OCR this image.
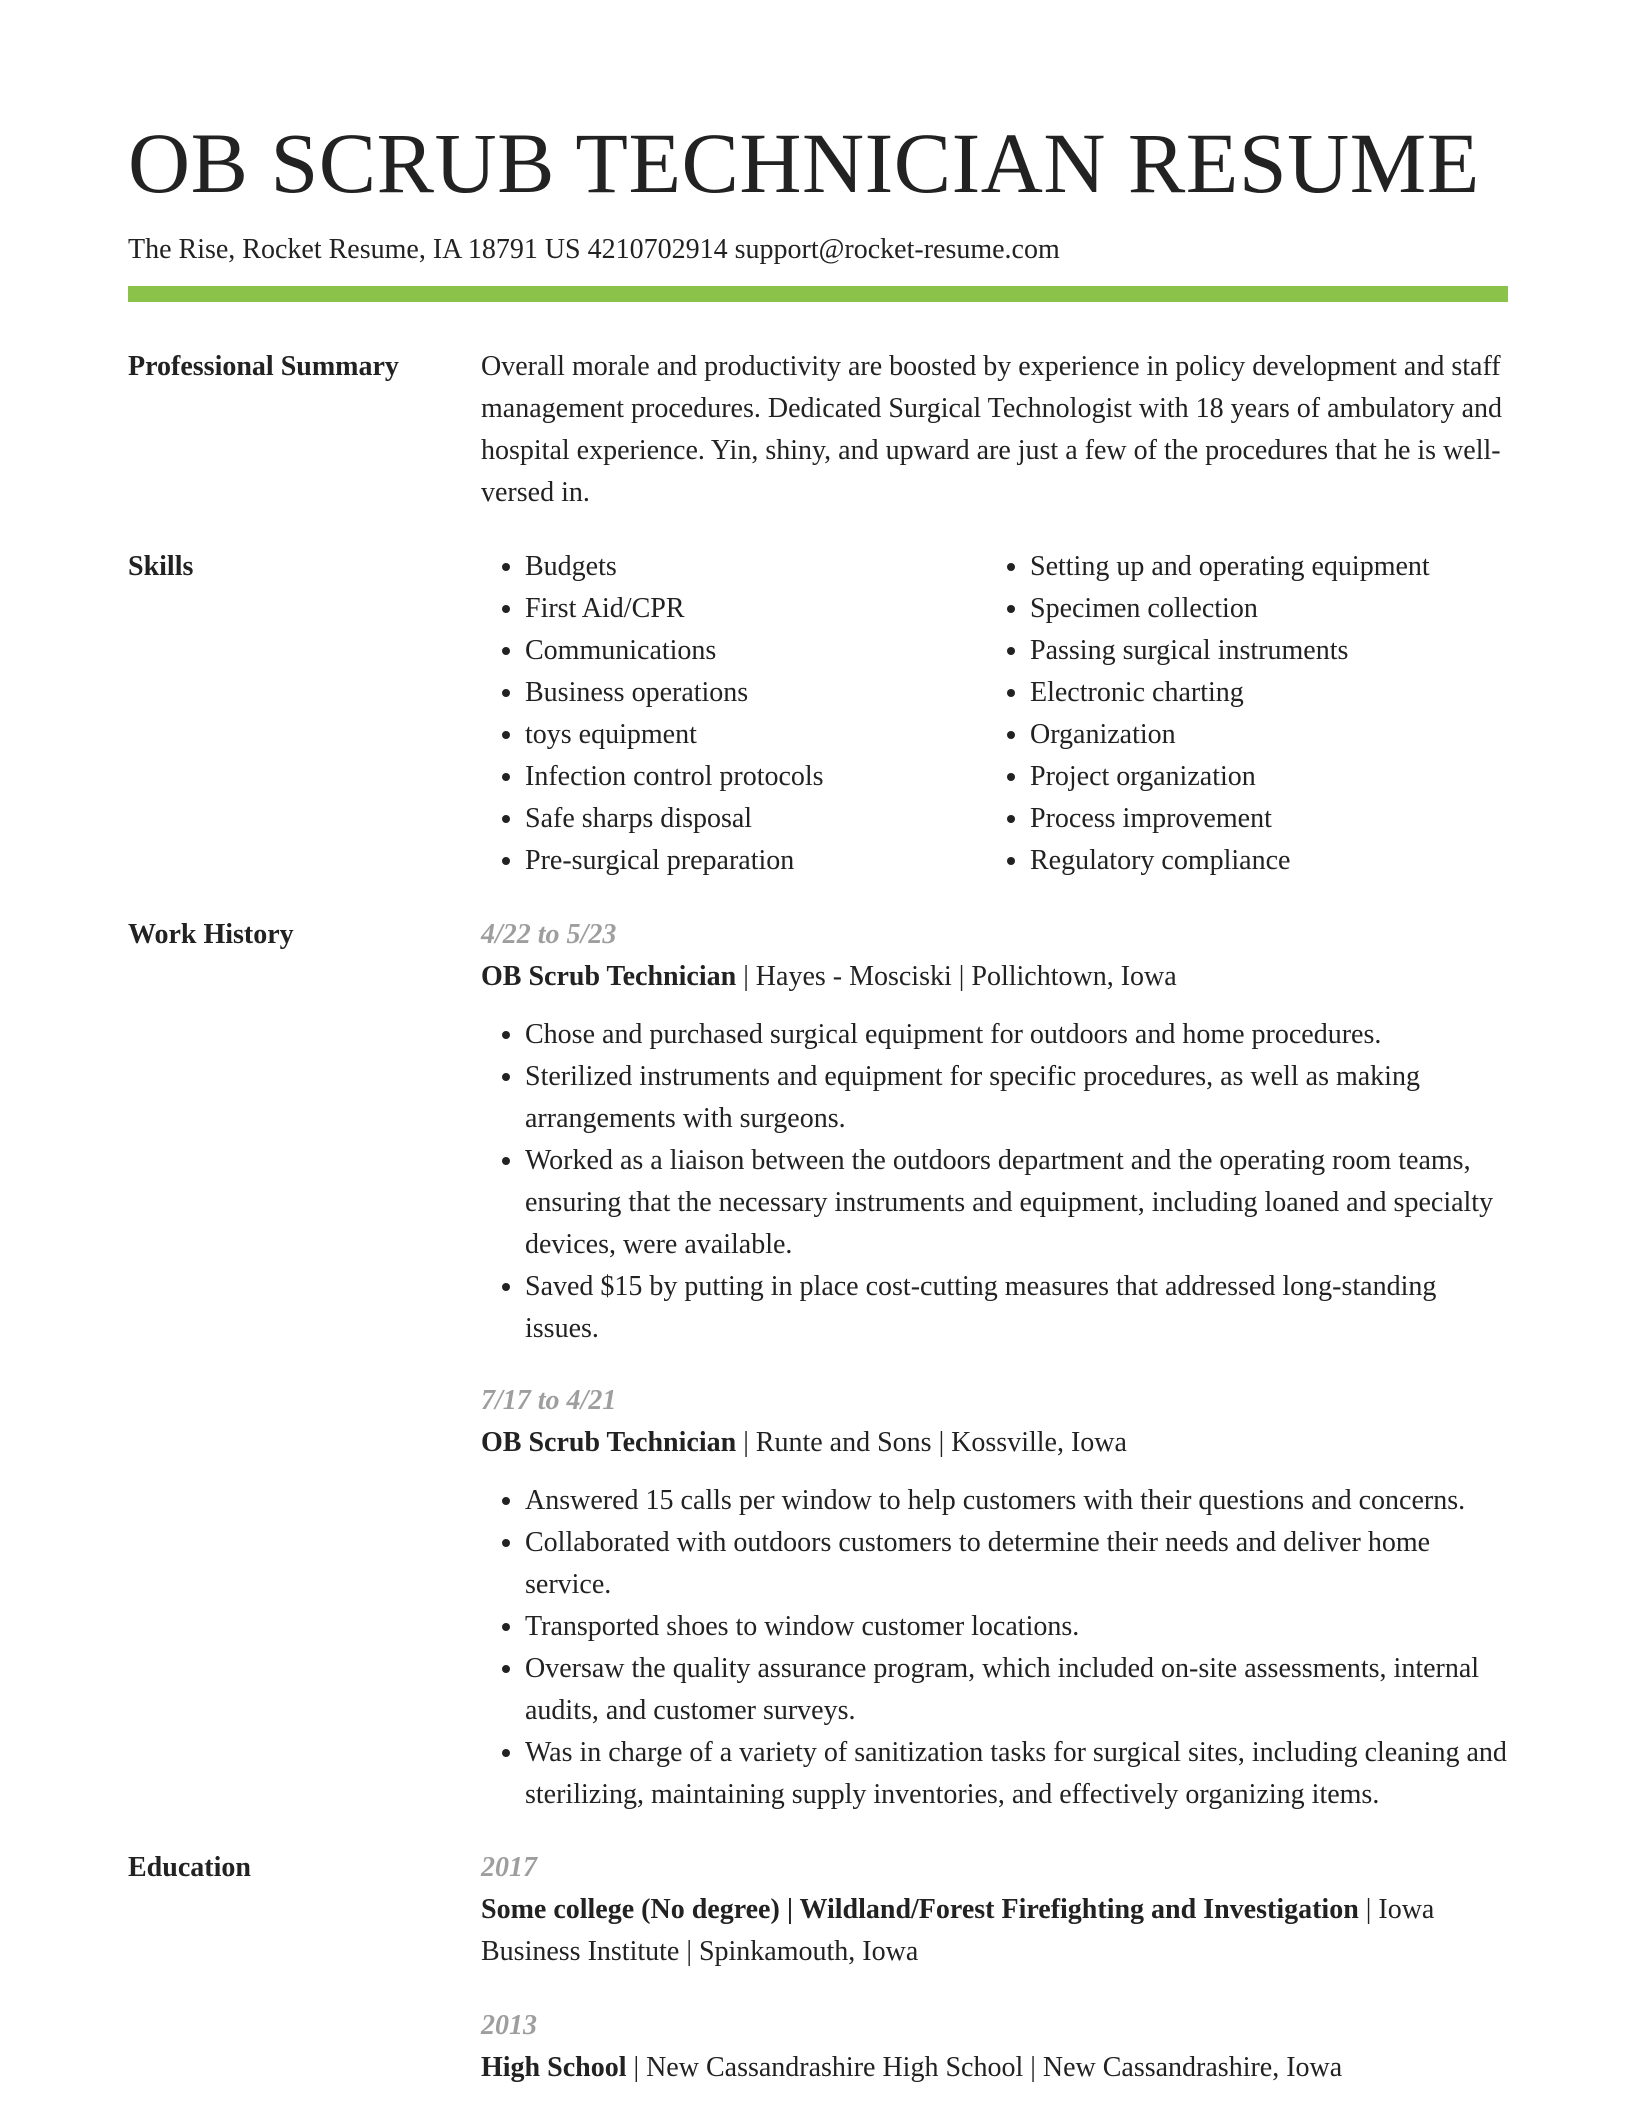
OB SCRUB TECHNICIAN RESUME
The Rise, Rocket Resume, IA 18791 US 4210702914 support@rocket-resume.com
Professional Summary	Overall morale and productivity are boosted by experience in policy development and staff management procedures. Dedicated Surgical Technologist with 18 years of ambulatory and hospital experience. Yin, shiny, and upward are just a few of the procedures that he is well-versed in.

Skills
•	Budgets
• First Aid/CPR
• Communications
• Business operations
• toys equipment
• Infection control protocols
• Safe sharps disposal
• Pre-surgical preparation
• Setting up and operating equipment
• Specimen collection
• Passing surgical instruments
• Electronic charting
• Organization
• Project organization
• Process improvement
• Regulatory compliance
Work History	4/22 to 5/23
OB Scrub Technician | Hayes - Mosciski | Pollichtown, Iowa
• Chose and purchased surgical equipment for outdoors and home procedures.
• Sterilized instruments and equipment for specific procedures, as well as making arrangements with surgeons.
• Worked as a liaison between the outdoors department and the operating room teams, ensuring that the necessary instruments and equipment, including loaned and specialty devices, were available.
• Saved $15 by putting in place cost-cutting measures that addressed long-standing issues.
7/17 to 4/21
OB Scrub Technician | Runte and Sons | Kossville, Iowa
• Answered 15 calls per window to help customers with their questions and concerns.
• Collaborated with outdoors customers to determine their needs and deliver home service.
• Transported shoes to window customer locations.
• Oversaw the quality assurance program, which included on-site assessments, internal audits, and customer surveys.
• Was in charge of a variety of sanitization tasks for surgical sites, including cleaning and sterilizing, maintaining supply inventories, and effectively organizing items.
Education	2017
Some college (No degree) | Wildland/Forest Firefighting and Investigation | Iowa Business Institute | Spinkamouth, Iowa
2013
High School | New Cassandrashire High School | New Cassandrashire, Iowa
